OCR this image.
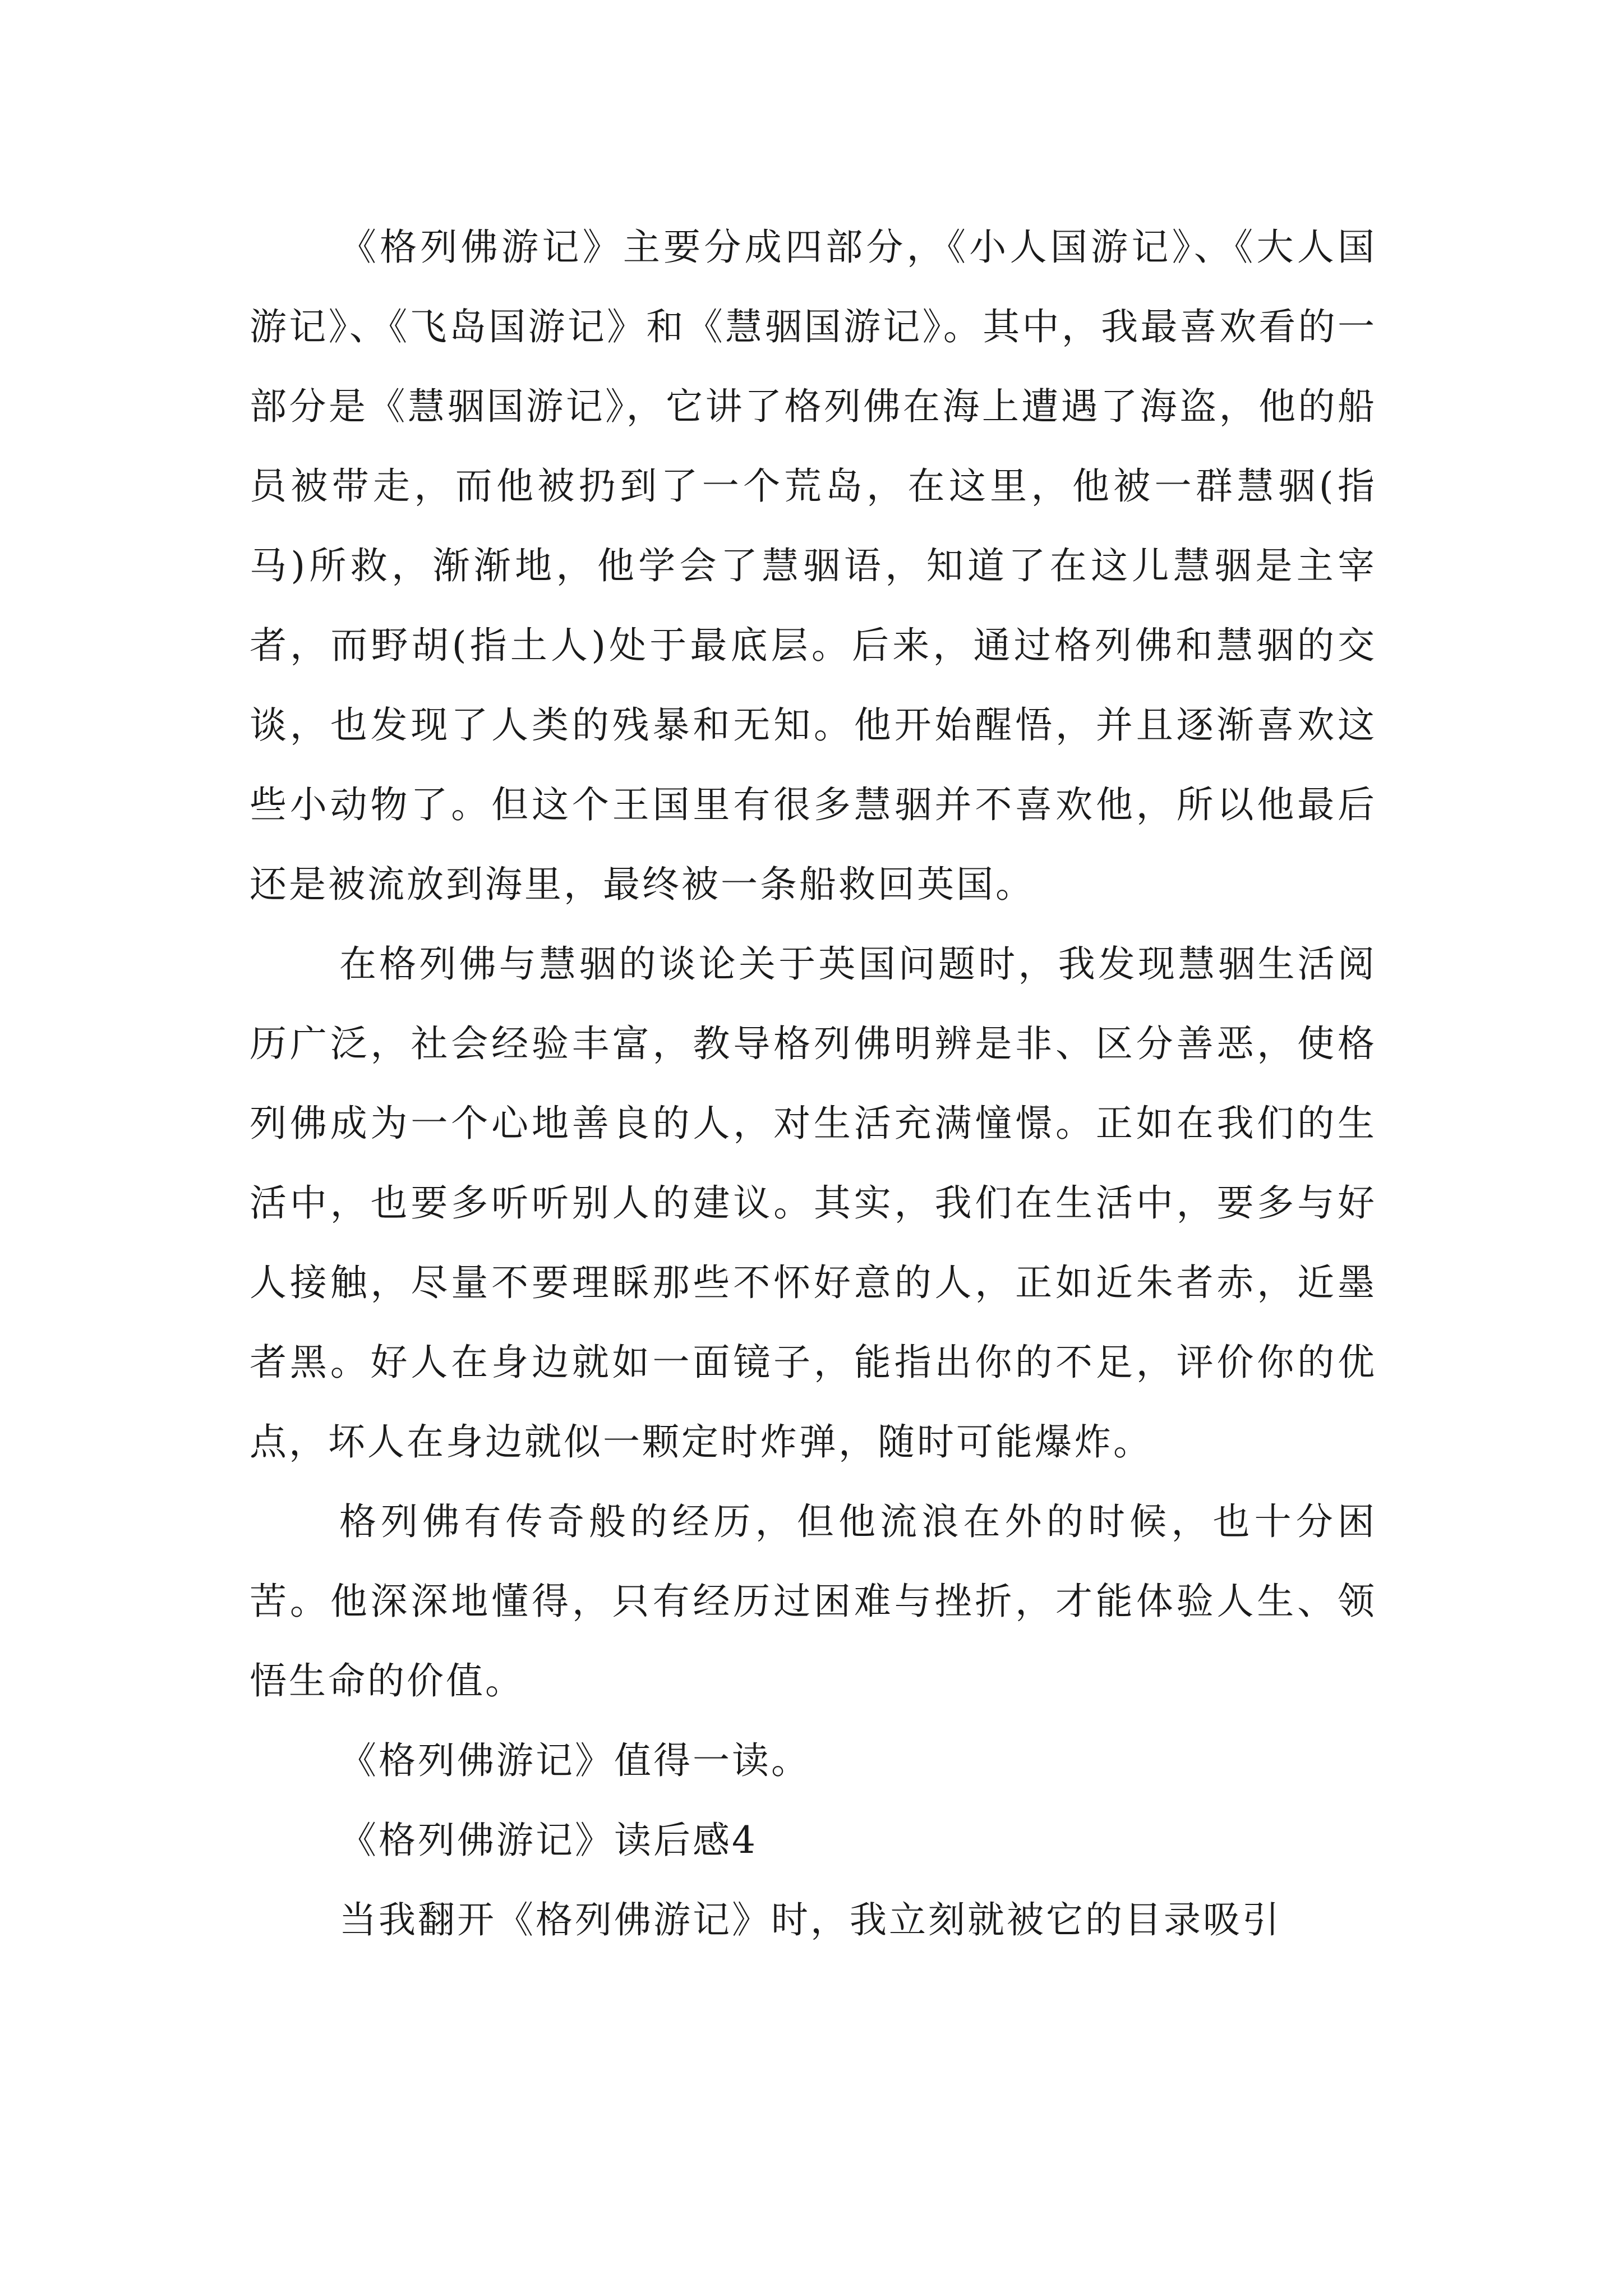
《格列佛游记》主要分成四部分，《小人国游记》、《大人国游记》、《飞岛国游记》和《慧骃国游记》。其中，我最喜欢看的一部分是《慧骃国游记》，它讲了格列佛在海上遭遇了海盗，他的船员被带走，而他被扔到了一个荒岛，在这里，他被一群慧骃(指马)所救，渐渐地，他学会了慧骃语，知道了在这儿慧骃是主宰者，而野胡(指土人)处于最底层。后来，通过格列佛和慧骃的交谈，也发现了人类的残暴和无知。他开始醒悟，并且逐渐喜欢这些小动物了。但这个王国里有很多慧骃并不喜欢他，所以他最后还是被流放到海里，最终被一条船救回英国。

在格列佛与慧骃的谈论关于英国问题时，我发现慧骃生活阅历广泛，社会经验丰富，教导格列佛明辨是非、区分善恶，使格列佛成为一个心地善良的人，对生活充满憧憬。正如在我们的生活中，也要多听听别人的建议。其实，我们在生活中，要多与好人接触，尽量不要理睬那些不怀好意的人，正如近朱者赤，近墨者黑。好人在身边就如一面镜子，能指出你的不足，评价你的优点，坏人在身边就似一颗定时炸弹，随时可能爆炸。

格列佛有传奇般的经历，但他流浪在外的时候，也十分困苦。他深深地懂得，只有经历过困难与挫折，才能体验人生、领悟生命的价值。

《格列佛游记》值得一读。

《格列佛游记》读后感4

当我翻开《格列佛游记》时，我立刻就被它的目录吸引
